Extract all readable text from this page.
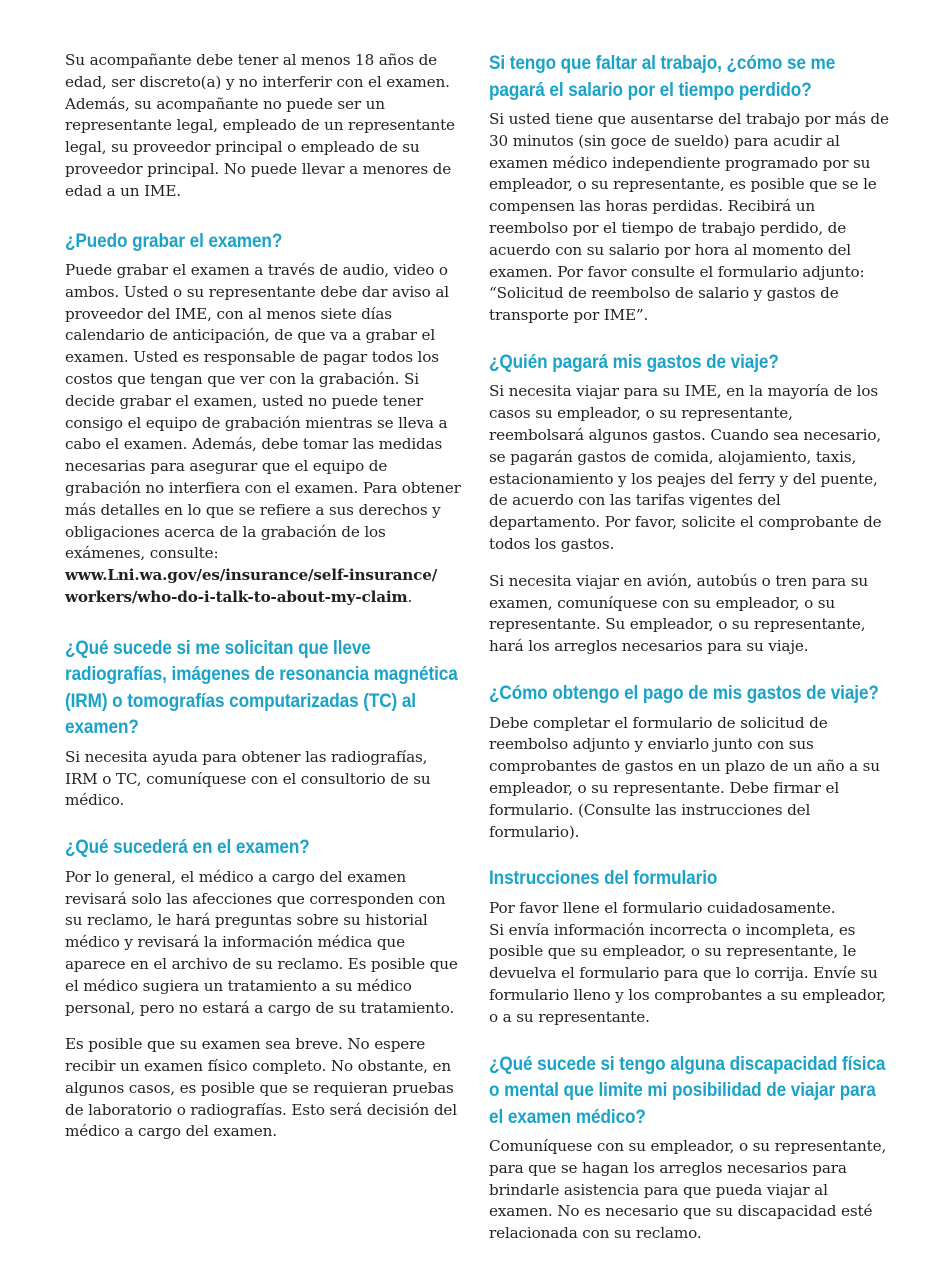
Su acompañante debe tener al menos 18 años de edad, ser discreto(a) y no interferir con el examen. Además, su acompañante no puede ser un representante legal, empleado de un representante legal, su proveedor principal o empleado de su proveedor principal. No puede llevar a menores de edad a un IME.

¿Puedo grabar el examen?

Puede grabar el examen a través de audio, video o ambos. Usted o su representante debe dar aviso al proveedor del IME, con al menos siete días calendario de anticipación, de que va a grabar el examen. Usted es responsable de pagar todos los costos que tengan que ver con la grabación. Si decide grabar el examen, usted no puede tener consigo el equipo de grabación mientras se lleva a cabo el examen. Además, debe tomar las medidas necesarias para asegurar que el equipo de grabación no interfiera con el examen. Para obtener más detalles en lo que se refiere a sus derechos y obligaciones acerca de la grabación de los exámenes, consulte:
www.Lni.wa.gov/es/insurance/self-insurance/
workers/who-do-i-talk-to-about-my-claim.

¿Qué sucede si me solicitan que lleve radiografías, imágenes de resonancia magnética (IRM) o tomografías computarizadas (TC) al examen?

Si necesita ayuda para obtener las radiografías, IRM o TC, comuníquese con el consultorio de su médico.

¿Qué sucederá en el examen?

Por lo general, el médico a cargo del examen revisará solo las afecciones que corresponden con su reclamo, le hará preguntas sobre su historial médico y revisará la información médica que aparece en el archivo de su reclamo. Es posible que el médico sugiera un tratamiento a su médico personal, pero no estará a cargo de su tratamiento.

Es posible que su examen sea breve. No espere recibir un examen físico completo. No obstante, en algunos casos, es posible que se requieran pruebas de laboratorio o radiografías. Esto será decisión del médico a cargo del examen.

Si tengo que faltar al trabajo, ¿cómo se me pagará el salario por el tiempo perdido?

Si usted tiene que ausentarse del trabajo por más de 30 minutos (sin goce de sueldo) para acudir al examen médico independiente programado por su empleador, o su representante, es posible que se le compensen las horas perdidas. Recibirá un reembolso por el tiempo de trabajo perdido, de acuerdo con su salario por hora al momento del examen. Por favor consulte el formulario adjunto: “Solicitud de reembolso de salario y gastos de transporte por IME”.

¿Quién pagará mis gastos de viaje?

Si necesita viajar para su IME, en la mayoría de los casos su empleador, o su representante, reembolsará algunos gastos. Cuando sea necesario, se pagarán gastos de comida, alojamiento, taxis, estacionamiento y los peajes del ferry y del puente, de acuerdo con las tarifas vigentes del departamento. Por favor, solicite el comprobante de todos los gastos.

Si necesita viajar en avión, autobús o tren para su examen, comuníquese con su empleador, o su representante. Su empleador, o su representante, hará los arreglos necesarios para su viaje.

¿Cómo obtengo el pago de mis gastos de viaje?

Debe completar el formulario de solicitud de reembolso adjunto y enviarlo junto con sus comprobantes de gastos en un plazo de un año a su empleador, o su representante. Debe firmar el formulario. (Consulte las instrucciones del formulario).

Instrucciones del formulario

Por favor llene el formulario cuidadosamente.
Si envía información incorrecta o incompleta, es posible que su empleador, o su representante, le devuelva el formulario para que lo corrija. Envíe su formulario lleno y los comprobantes a su empleador, o a su representante.

¿Qué sucede si tengo alguna discapacidad física o mental que limite mi posibilidad de viajar para el examen médico?

Comuníquese con su empleador, o su representante, para que se hagan los arreglos necesarios para brindarle asistencia para que pueda viajar al examen. No es necesario que su discapacidad esté relacionada con su reclamo.
